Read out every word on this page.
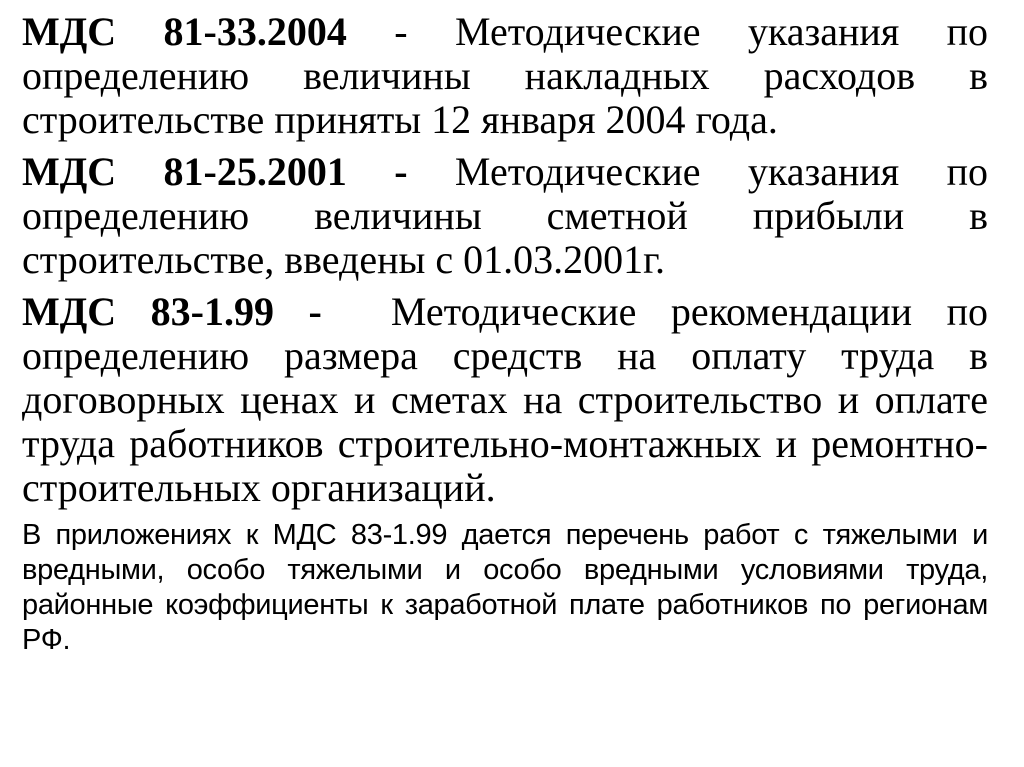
МДС 81-33.2004 - Методические указания по определению величины накладных расходов в строительстве приняты 12 января 2004 года.

МДС 81-25.2001 - Методические указания по определению величины сметной прибыли в строительстве, введены с 01.03.2001г.

МДС 83-1.99 - Методические рекомендации по определению размера средств на оплату труда в договорных ценах и сметах на строительство и оплате труда работников строительно-монтажных и ремонтно-строительных организаций.

В приложениях к МДС 83-1.99 дается перечень работ с тяжелыми и вредными, особо тяжелыми и особо вредными условиями труда, районные коэффициенты к заработной плате работников по регионам РФ.
